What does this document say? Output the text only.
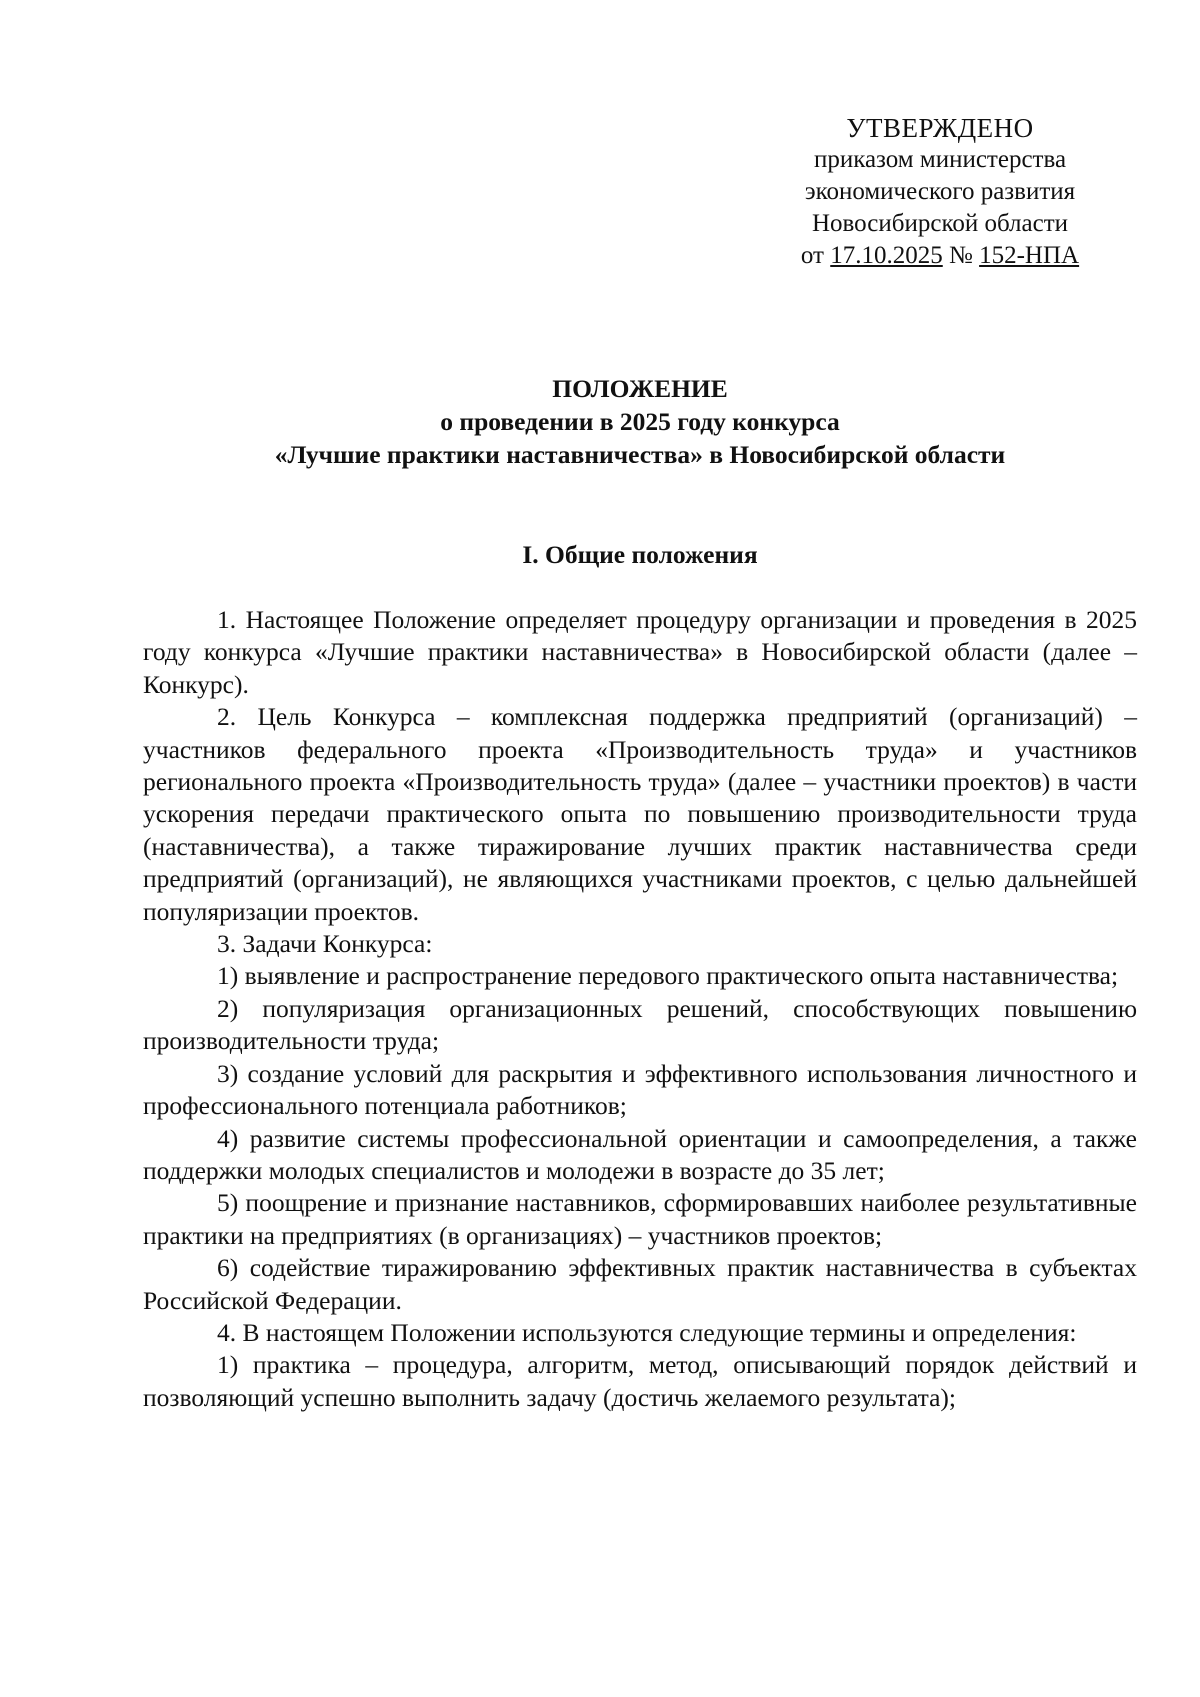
УТВЕРЖДЕНО
приказом министерства
экономического развития
Новосибирской области
от 17.10.2025 № 152-НПА
ПОЛОЖЕНИЕ
о проведении в 2025 году конкурса
«Лучшие практики наставничества» в Новосибирской области
I. Общие положения

1. Настоящее Положение определяет процедуру организации и проведения в 2025 году конкурса «Лучшие практики наставничества» в Новосибирской области (далее – Конкурс).

2. Цель Конкурса – комплексная поддержка предприятий (организаций) – участников федерального проекта «Производительность труда» и участников регионального проекта «Производительность труда» (далее – участники проектов) в части ускорения передачи практического опыта по повышению производительности труда (наставничества), а также тиражирование лучших практик наставничества среди предприятий (организаций), не являющихся участниками проектов, с целью дальнейшей популяризации проектов.

3. Задачи Конкурса:

1) выявление и распространение передового практического опыта наставничества;

2) популяризация организационных решений, способствующих повышению производительности труда;

3) создание условий для раскрытия и эффективного использования личностного и профессионального потенциала работников;

4) развитие системы профессиональной ориентации и самоопределения, а также поддержки молодых специалистов и молодежи в возрасте до 35 лет;

5) поощрение и признание наставников, сформировавших наиболее результативные практики на предприятиях (в организациях) – участников проектов;

6) содействие тиражированию эффективных практик наставничества в субъектах Российской Федерации.

4. В настоящем Положении используются следующие термины и определения:

1) практика – процедура, алгоритм, метод, описывающий порядок действий и позволяющий успешно выполнить задачу (достичь желаемого результата);
